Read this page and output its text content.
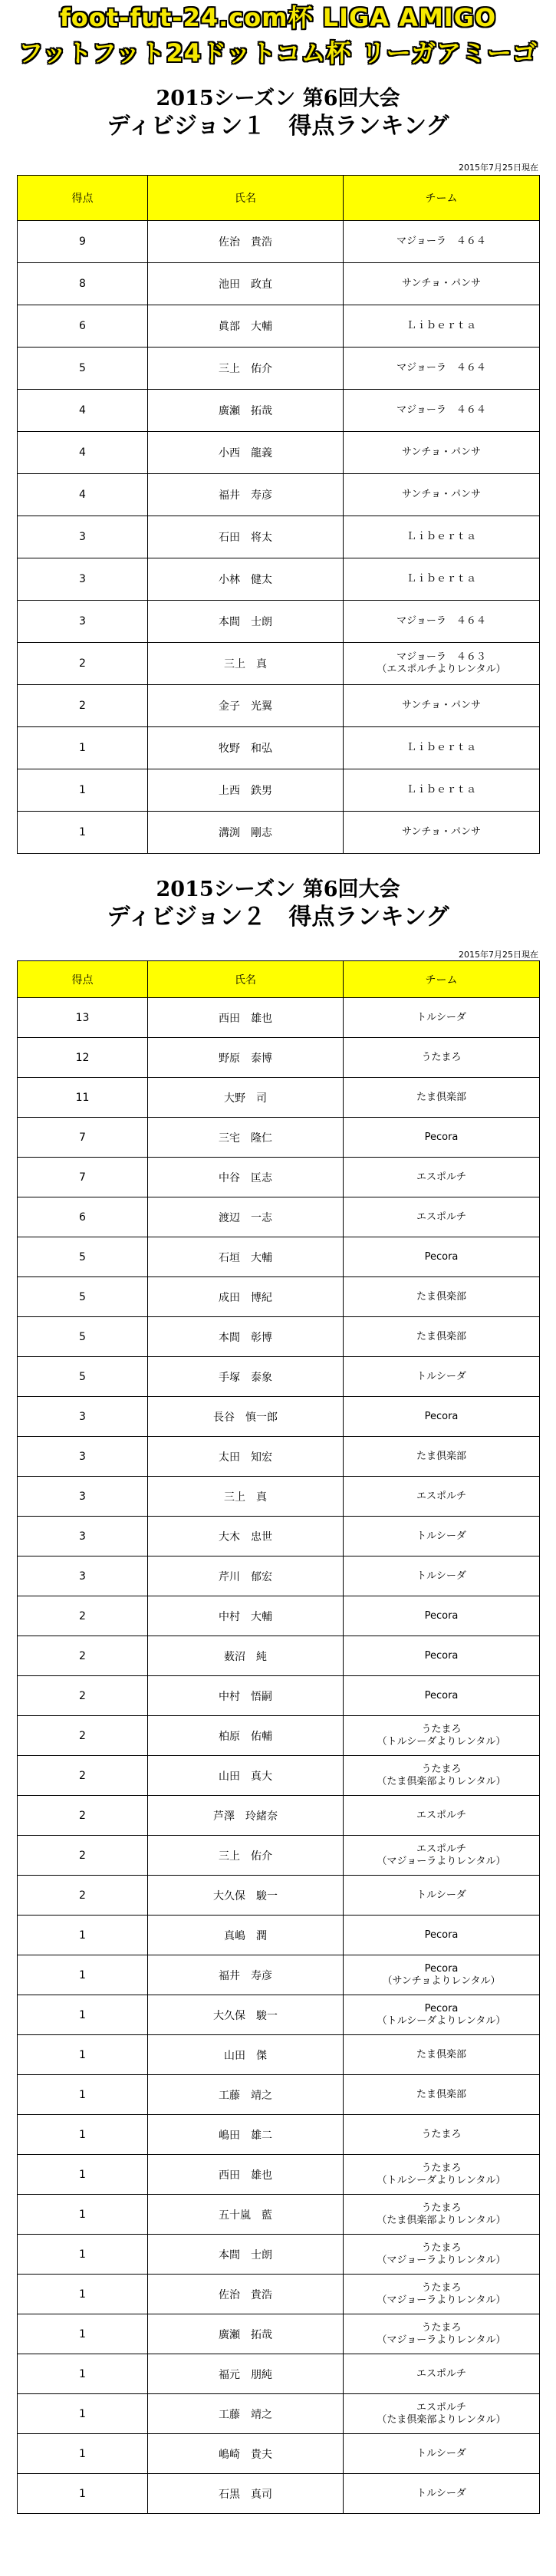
foot-fut-24.com杯 LIGA AMIGO
フットフット24ドットコム杯 リーガアミーゴ
2015シーズン 第6回大会
ディビジョン１　得点ランキング
2015年7月25日現在
得点	氏名	チーム
9	佐治　貴浩	マジョーラ　４６４

8	池田　政直	サンチョ・パンサ

6	眞部　大輔	Ｌｉｂｅｒｔａ

5	三上　佑介	マジョーラ　４６４

4	廣瀬　拓哉	マジョーラ　４６４

4	小西　龍義	サンチョ・パンサ

4	福井　寿彦	サンチョ・パンサ

3	石田　将太	Ｌｉｂｅｒｔａ

3	小林　健太	Ｌｉｂｅｒｔａ

3	本間　士朗	マジョーラ　４６４

2	三上　真	マジョーラ　４６３
（エスポルチよりレンタル）

2	金子　光翼	サンチョ・パンサ

1	牧野　和弘	Ｌｉｂｅｒｔａ

1	上西　鉄男	Ｌｉｂｅｒｔａ

1	溝渕　剛志	サンチョ・パンサ
2015シーズン 第6回大会
ディビジョン２　得点ランキング
2015年7月25日現在
得点	氏名	チーム
13	西田　雄也	トルシーダ

12	野原　泰博	うたまろ

11	大野　司	たま倶楽部

7	三宅　隆仁	Pecora

7	中谷　匡志	エスポルチ

6	渡辺　一志	エスポルチ

5	石垣　大輔	Pecora

5	成田　博紀	たま倶楽部

5	本間　彰博	たま倶楽部

5	手塚　泰象	トルシーダ

3	長谷　慎一郎	Pecora

3	太田　知宏	たま倶楽部

3	三上　真	エスポルチ

3	大木　忠世	トルシーダ

3	芹川　郁宏	トルシーダ

2	中村　大輔	Pecora

2	薮沼　純	Pecora

2	中村　悟嗣	Pecora

2	柏原　佑輔	うたまろ
（トルシーダよりレンタル）

2	山田　真大	うたまろ
（たま倶楽部よりレンタル）

2	芦澤　玲緒奈	エスポルチ

2	三上　佑介	エスポルチ
（マジョーラよりレンタル）

2	大久保　駿一	トルシーダ

1	真嶋　潤	Pecora

1	福井　寿彦	Pecora
（サンチョよりレンタル）

1	大久保　駿一	Pecora
（トルシーダよりレンタル）

1	山田　傑	たま倶楽部

1	工藤　靖之	たま倶楽部

1	嶋田　雄二	うたまろ

1	西田　雄也	うたまろ
（トルシーダよりレンタル）

1	五十嵐　藍	うたまろ
（たま倶楽部よりレンタル）

1	本間　士朗	うたまろ
（マジョーラよりレンタル）

1	佐治　貴浩	うたまろ
（マジョーラよりレンタル）

1	廣瀬　拓哉	うたまろ
（マジョーラよりレンタル）

1	福元　朋純	エスポルチ

1	工藤　靖之	エスポルチ
（たま倶楽部よりレンタル）

1	嶋崎　貴夫	トルシーダ

1	石黒　真司	トルシーダ
